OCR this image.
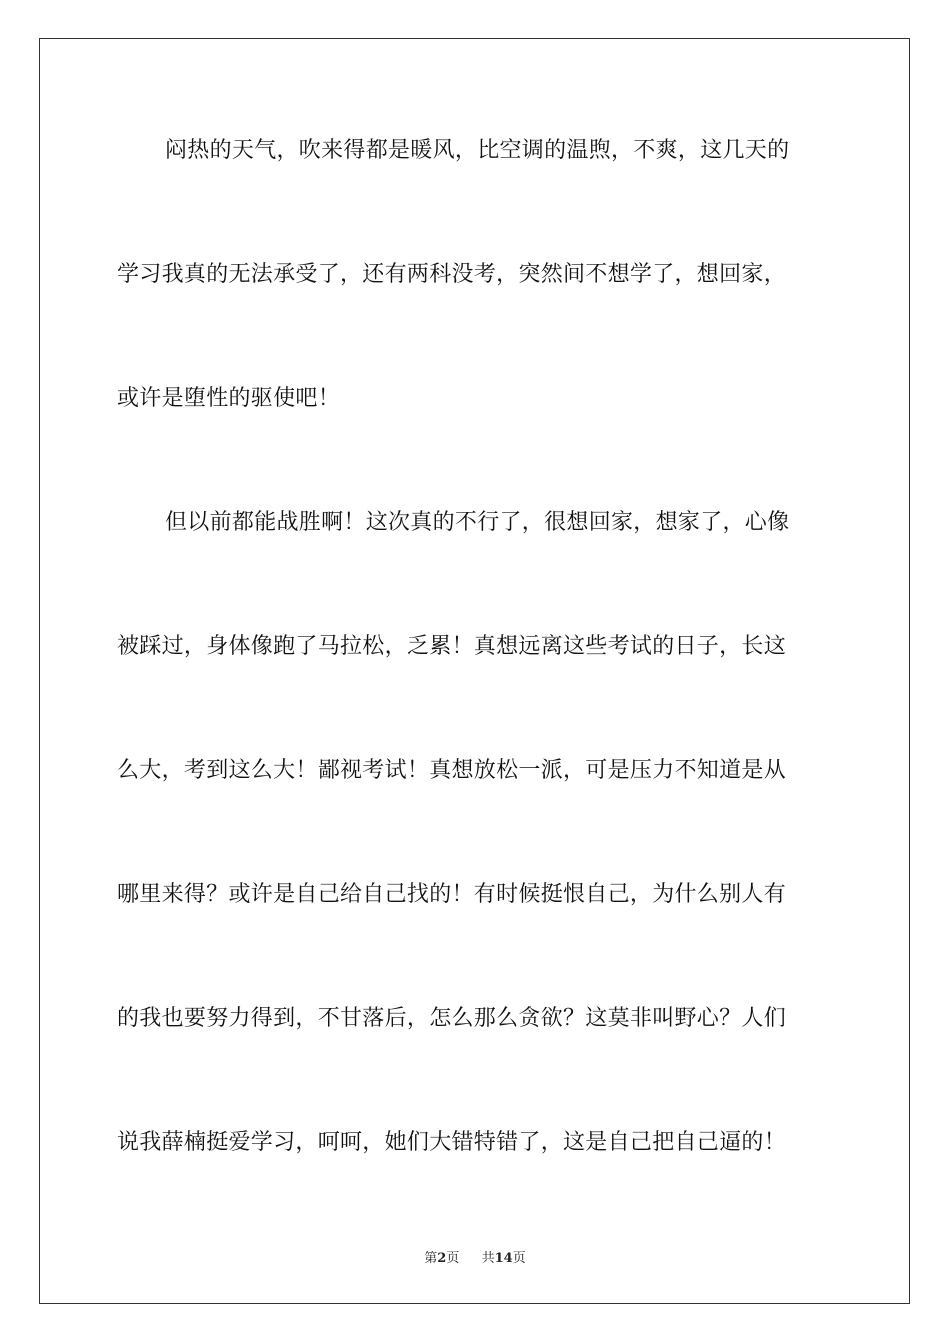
闷热的天气，吹来得都是暖风，比空调的温煦，不爽，这几天的
学习我真的无法承受了，还有两科没考，突然间不想学了，想回家，
或许是堕性的驱使吧！
但以前都能战胜啊！这次真的不行了，很想回家，想家了，心像
被踩过，身体像跑了马拉松，乏累！真想远离这些考试的日子，长这
么大，考到这么大！鄙视考试！真想放松一派，可是压力不知道是从
哪里来得？或许是自己给自己找的！有时候挺恨自己，为什么别人有
的我也要努力得到，不甘落后，怎么那么贪欲？这莫非叫野心？人们
说我薛楠挺爱学习，呵呵，她们大错特错了，这是自己把自己逼的！
第2页 共14页
